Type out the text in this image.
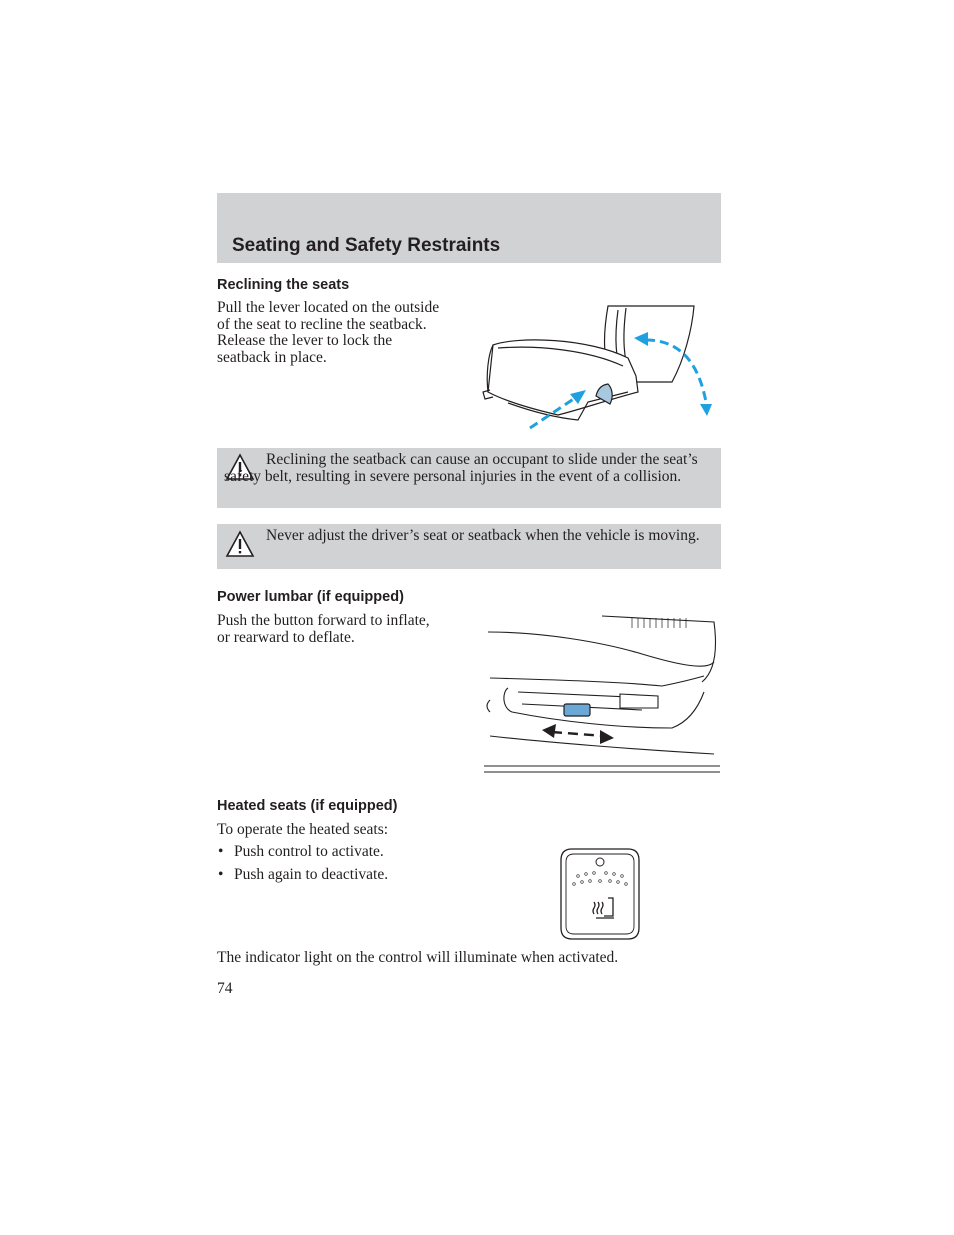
Seating and Safety Restraints
Reclining the seats
Pull the lever located on the outside
of the seat to recline the seatback.
Release the lever to lock the
seatback in place.

Reclining the seatback can cause an occupant to slide under the seat’s safety belt, resulting in severe personal injuries in the event of a collision.

Never adjust the driver’s seat or seatback when the vehicle is moving.

Power lumbar (if equipped)
Push the button forward to inflate,
or rearward to deflate.
Heated seats (if equipped)

To operate the heated seats:

• Push control to activate.
• Push again to deactivate.

The indicator light on the control will illuminate when activated.

74
